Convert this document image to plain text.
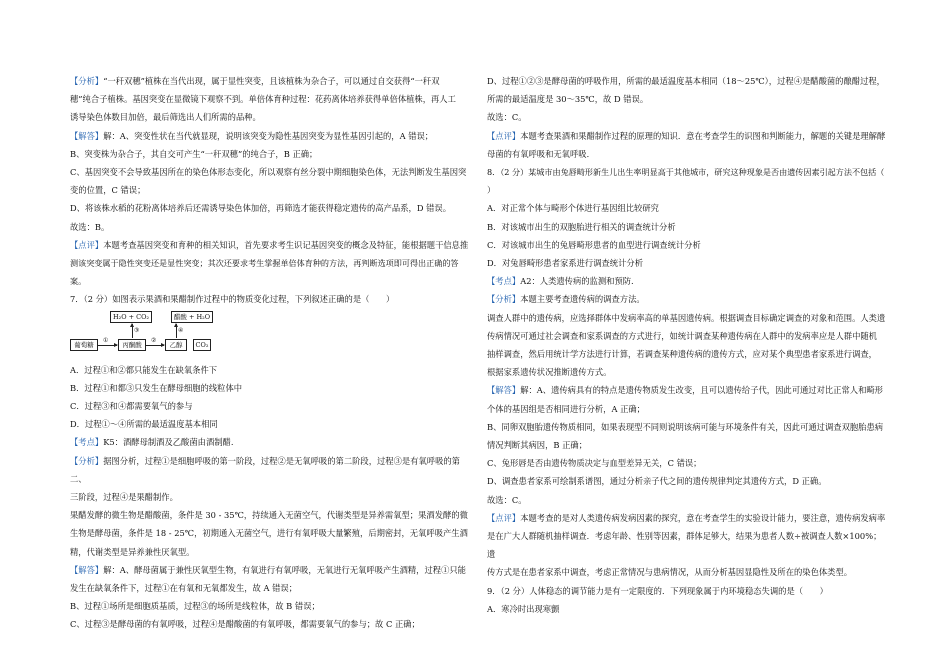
【分析】“一秆双穗”植株在当代出现，属于显性突变，且该植株为杂合子，可以通过自交获得“一秆双
穗”纯合子植株。基因突变在显微镜下观察不到。单倍体育种过程：花药离体培养获得单倍体植株，再人工
诱导染色体数目加倍，最后筛选出人们所需的品种。
【解答】解：A、突变性状在当代就显现，说明该突变为隐性基因突变为显性基因引起的，A 错误；
B、突变株为杂合子，其自交可产生“一秆双穗”的纯合子，B 正确；
C、基因突变不会导致基因所在的染色体形态变化，所以观察有丝分裂中期细胞染色体，无法判断发生基因突
变的位置，C 错误；
D、将该株水稻的花粉离体培养后还需诱导染色体加倍，再筛选才能获得稳定遗传的高产品系，D 错误。
故选：B。
【点评】本题考查基因突变和育种的相关知识，首先要求考生识记基因突变的概念及特征，能根据题干信息推
测该突变属于隐性突变还是显性突变；其次还要求考生掌握单倍体育种的方法，再判断选项即可得出正确的答案。
7．（2 分）如图表示果酒和果醋制作过程中的物质变化过程，下列叙述正确的是（　　）
H₂O + CO₂	醋酸 + H₂O
葡萄糖	丙酮酸	乙醇	CO₂
①
③
②
④
A．过程①和②都只能发生在缺氧条件下
B．过程①和都③只发生在酵母细胞的线粒体中
C．过程③和④都需要氧气的参与
D．过程①～④所需的最适温度基本相同
【考点】K5：酒酵母制酒及乙酸菌由酒制醋.
【分析】据图分析，过程①是细胞呼吸的第一阶段，过程②是无氧呼吸的第二阶段，过程③是有氧呼吸的第二、
三阶段，过程④是果醋制作。
果醋发酵的微生物是醋酸菌，条件是 30 - 35℃，持续通入无菌空气，代谢类型是异养需氧型；果酒发酵的微
生物是酵母菌，条件是 18 - 25℃，初期通入无菌空气，进行有氧呼吸大量繁殖，后期密封，无氧呼吸产生酒
精，代谢类型是异养兼性厌氧型。
【解答】解：A、酵母菌属于兼性厌氧型生物，有氧进行有氧呼吸，无氧进行无氧呼吸产生酒精，过程①只能
发生在缺氧条件下，过程①在有氧和无氧都发生，故 A 错误；
B、过程①场所是细胞质基质，过程③的场所是线粒体，故 B 错误；
C、过程③是酵母菌的有氧呼吸，过程④是醋酸菌的有氧呼吸，都需要氧气的参与；故 C 正确；
D、过程①②③是酵母菌的呼吸作用，所需的最适温度基本相同（18～25℃），过程④是醋酸菌的酿醋过程，
所需的最适温度是 30～35℃，故 D 错误。
故选：C。
【点评】本题考查果酒和果醋制作过程的原理的知识．意在考查学生的识图和判断能力，解题的关键是理解酵
母菌的有氧呼吸和无氧呼吸．
8．（2 分）某城市由兔唇畸形新生儿出生率明显高于其他城市，研究这种现象是否由遗传因素引起方法不包括（
）
A．对正常个体与畸形个体进行基因组比较研究
B．对该城市出生的双胞胎进行相关的调查统计分析
C．对该城市出生的兔唇畸形患者的血型进行调查统计分析
D．对兔唇畸形患者家系进行调查统计分析
【考点】A2：人类遗传病的监测和预防.
【分析】本题主要考查遗传病的调查方法。
调查人群中的遗传病，应选择群体中发病率高的单基因遗传病。根据调查目标确定调查的对象和范围。人类遗
传病情况可通过社会调查和家系调查的方式进行，如统计调查某种遗传病在人群中的发病率应是人群中随机
抽样调查，然后用统计学方法进行计算，若调查某种遗传病的遗传方式，应对某个典型患者家系进行调查，
根据家系遗传状况推断遗传方式。
【解答】解：A、遗传病具有的特点是遗传物质发生改变，且可以遗传给子代，因此可通过对比正常人和畸形
个体的基因组是否相同进行分析，A 正确；
B、同卵双胞胎遗传物质相同，如果表现型不同则说明该病可能与环境条件有关，因此可通过调查双胞胎患病
情况判断其病因，B 正确；
C、兔形唇是否由遗传物质决定与血型差异无关，C 错误；
D、调查患者家系可绘制系谱图，通过分析亲子代之间的遗传规律判定其遗传方式，D 正确。
故选：C。
【点评】本题考查的是对人类遗传病发病因素的探究，意在考查学生的实验设计能力，要注意，遗传病发病率
是在广大人群随机抽样调查．考虑年龄、性别等因素，群体足够大，结果为患者人数÷被调查人数×100%；遗
传方式是在患者家系中调查，考虑正常情况与患病情况，从而分析基因显隐性及所在的染色体类型。
9．（2 分）人体稳态的调节能力是有一定限度的．下列现象属于内环境稳态失调的是（　　）
A．寒冷时出现寒颤
